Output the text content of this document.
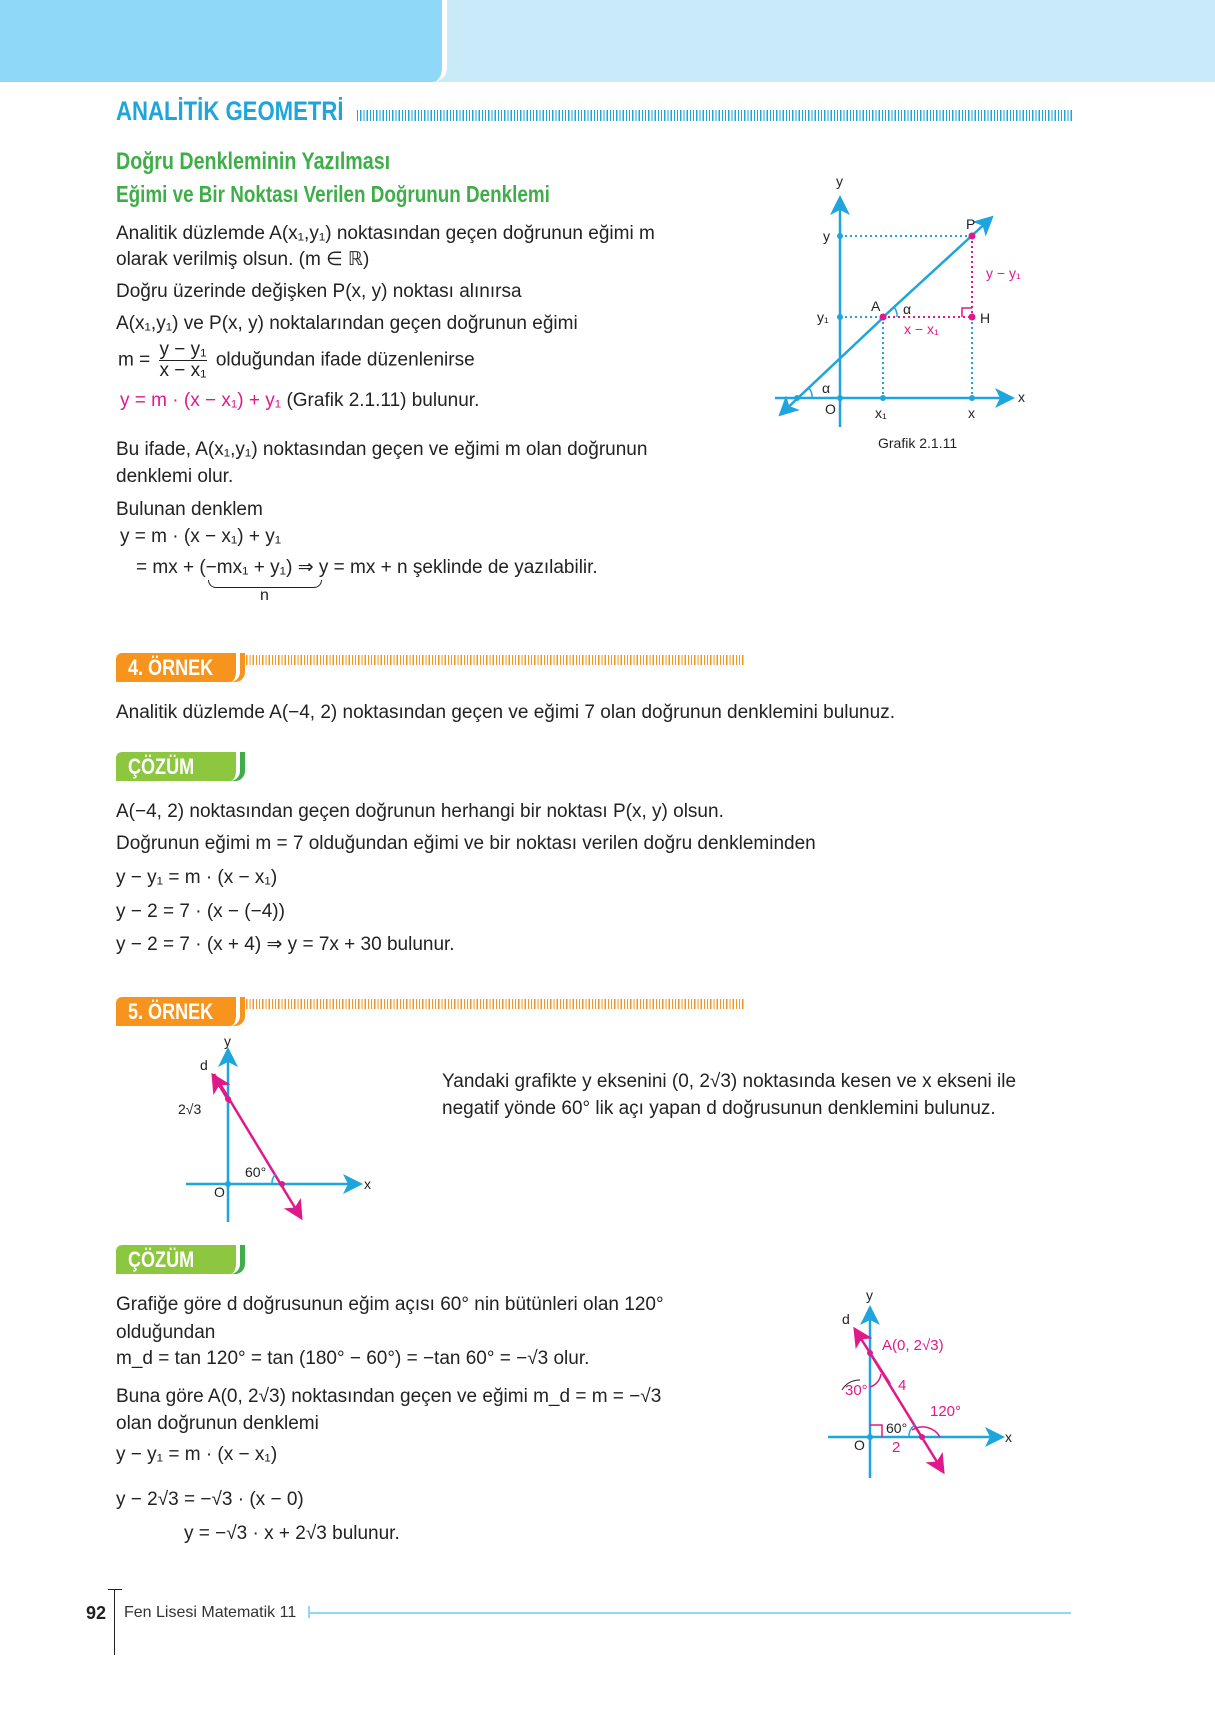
ANALİTİK GEOMETRİ
Doğru Denkleminin Yazılması
Eğimi ve Bir Noktası Verilen Doğrunun Denklemi
Analitik düzlemde A(x₁,y₁) noktasından geçen doğrunun eğimi m
olarak verilmiş olsun. (m ∈ ℝ)
Doğru üzerinde değişken P(x, y) noktası alınırsa
A(x₁,y₁) ve P(x, y) noktalarından geçen doğrunun eğimi
$m = \frac{\text{y − y₁}}{\text{x − x₁}}$ olduğundan ifade düzenlenirse
y = m · (x − x₁) + y₁ (Grafik 2.1.11) bulunur.
Bu ifade, A(x₁,y₁) noktasından geçen ve eğimi m olan doğrunun
denklemi olur.
Bulunan denklem
y = m · (x − x₁) + y₁
= mx + (−mx₁ + y₁) ⇒ y = mx + n şeklinde de yazılabilir.
n
y
x
O
y
y₁
x₁	x
P
A
H
α
α
Grafik 2.1.11
y − y₁
x − x₁
4. ÖRNEK
Analitik düzlemde A(−4, 2) noktasından geçen ve eğimi 7 olan doğrunun denklemini bulunuz.
ÇÖZÜM
A(−4, 2) noktasından geçen doğrunun herhangi bir noktası P(x, y) olsun.
Doğrunun eğimi m = 7 olduğundan eğimi ve bir noktası verilen doğru denkleminden
y − y₁ = m · (x − x₁)
y − 2 = 7 · (x − (−4))
y − 2 = 7 · (x + 4) ⇒ y = 7x + 30 bulunur.
5. ÖRNEK
Yandaki grafikte y eksenini (0, 2√3) noktasında kesen ve x ekseni ile
negatif yönde 60° lik açı yapan d doğrusunun denklemini bulunuz.
y
x
O
d
2√3
60°
ÇÖZÜM
Grafiğe göre d doğrusunun eğim açısı 60° nin bütünleri olan 120°
olduğundan
m_d = tan 120° = tan (180° − 60°) = −tan 60° = −√3 olur.
Buna göre A(0, 2√3) noktasından geçen ve eğimi m_d = m = −√3
olan doğrunun denklemi
y − y₁ = m · (x − x₁)
y − 2√3 = −√3 · (x − 0)
y = −√3 · x + 2√3 bulunur.
y
x
O
d
60°
A(0, 2√3)
30° 4
120°
2
92 Fen Lisesi Matematik 11
